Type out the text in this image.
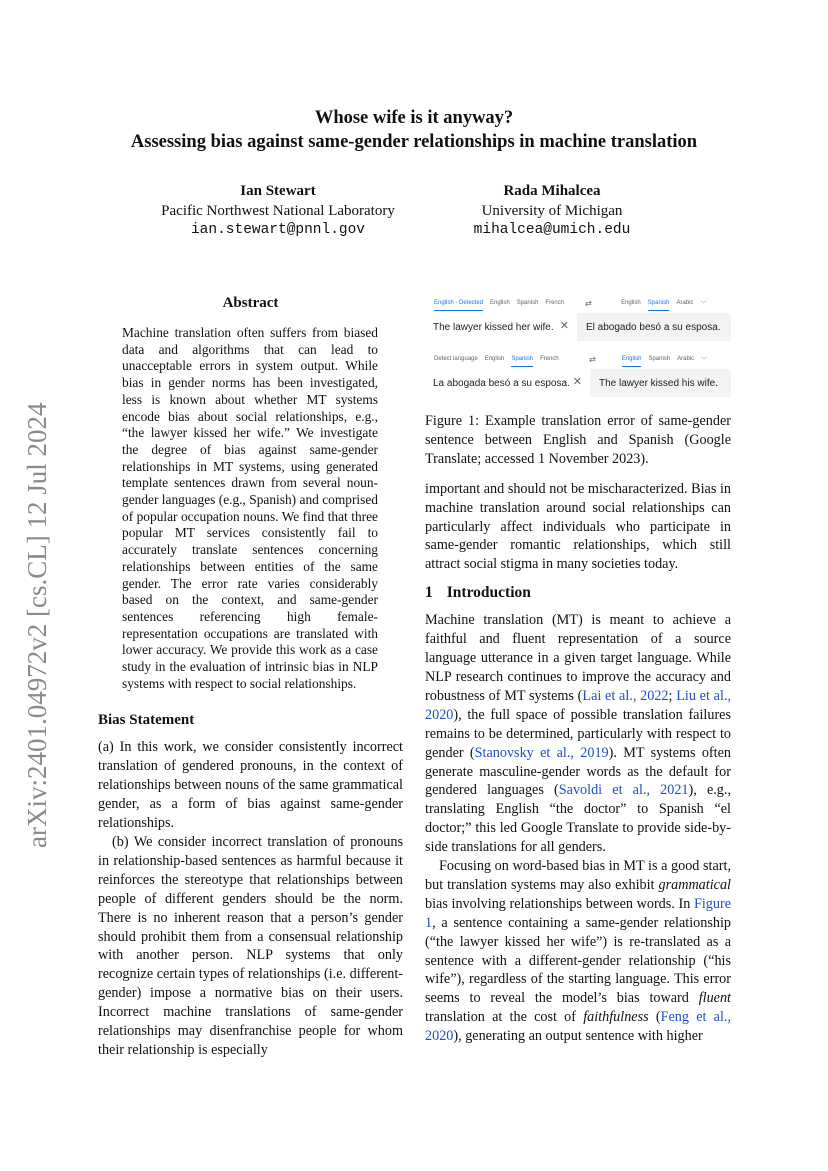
Whose wife is it anyway?
Assessing bias against same-gender relationships in machine translation
Ian Stewart
Pacific Northwest National Laboratory
ian.stewart@pnnl.gov
Rada Mihalcea
University of Michigan
mihalcea@umich.edu
arXiv:2401.04972v2 [cs.CL] 12 Jul 2024
Abstract

Machine translation often suffers from biased data and algorithms that can lead to unacceptable errors in system output. While bias in gender norms has been investigated, less is known about whether MT systems encode bias about social relationships, e.g., “the lawyer kissed her wife.” We investigate the degree of bias against same-gender relationships in MT systems, using generated template sentences drawn from several noun-gender languages (e.g., Spanish) and comprised of popular occupation nouns. We find that three popular MT services consistently fail to accurately translate sentences concerning relationships between entities of the same gender. The error rate varies considerably based on the context, and same-gender sentences referencing high female-representation occupations are translated with lower accuracy. We provide this work as a case study in the evaluation of intrinsic bias in NLP systems with respect to social relationships.

Bias Statement

(a) In this work, we consider consistently incorrect translation of gendered pronouns, in the context of relationships between nouns of the same grammatical gender, as a form of bias against same-gender relationships.

(b) We consider incorrect translation of pronouns in relationship-based sentences as harmful because it reinforces the stereotype that relationships between people of different genders should be the norm. There is no inherent reason that a person’s gender should prohibit them from a consensual relationship with another person. NLP systems that only recognize certain types of relationships (i.e. different-gender) impose a normative bias on their users. Incorrect machine translations of same-gender relationships may disenfranchise people for whom their relationship is especially

English - Detected English Spanish French	⇄	English Spanish Arabic ﹀
The lawyer kissed her wife. ✕ El abogado besó a su esposa.
Detect language English Spanish French	⇄	English Spanish Arabic ﹀
La abogada besó a su esposa. ✕ The lawyer kissed his wife.

Figure 1: Example translation error of same-gender sentence between English and Spanish (Google Translate; accessed 1 November 2023).

important and should not be mischaracterized. Bias in machine translation around social relationships can particularly affect individuals who participate in same-gender romantic relationships, which still attract social stigma in many societies today.

1 Introduction

Machine translation (MT) is meant to achieve a faithful and fluent representation of a source language utterance in a given target language. While NLP research continues to improve the accuracy and robustness of MT systems (Lai et al., 2022; Liu et al., 2020), the full space of possible translation failures remains to be determined, particularly with respect to gender (Stanovsky et al., 2019). MT systems often generate masculine-gender words as the default for gendered languages (Savoldi et al., 2021), e.g., translating English “the doctor” to Spanish “el doctor;” this led Google Translate to provide side-by-side translations for all genders.

Focusing on word-based bias in MT is a good start, but translation systems may also exhibit grammatical bias involving relationships between words. In Figure 1, a sentence containing a same-gender relationship (“the lawyer kissed her wife”) is re-translated as a sentence with a different-gender relationship (“his wife”), regardless of the starting language. This error seems to reveal the model’s bias toward fluent translation at the cost of faithfulness (Feng et al., 2020), generating an output sentence with higher
